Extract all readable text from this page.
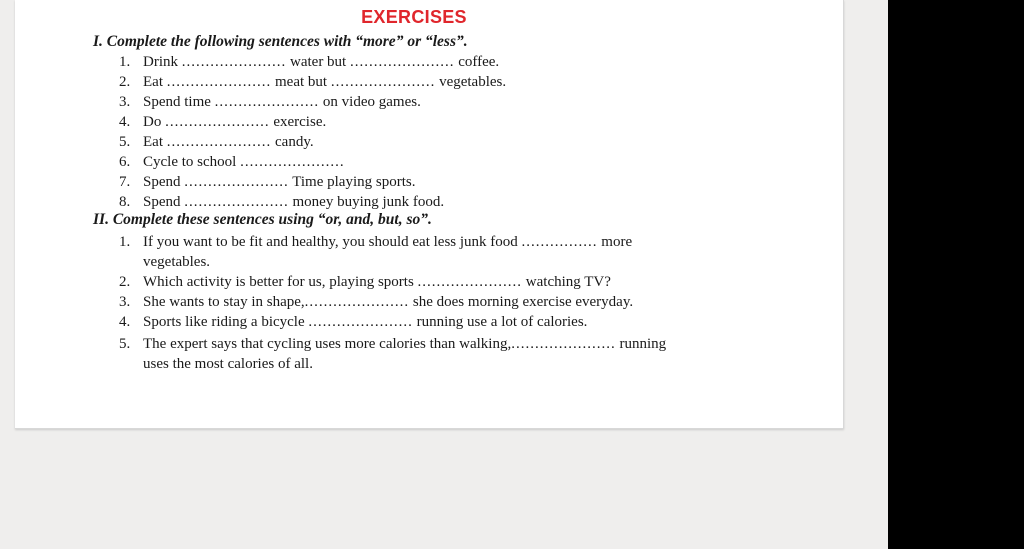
EXERCISES
I. Complete the following sentences with “more” or “less”.
1. Drink ...................... water but ...................... coffee.
2. Eat ...................... meat but ...................... vegetables.
3. Spend time ...................... on video games.
4. Do ...................... exercise.
5. Eat ...................... candy.
6. Cycle to school ......................
7. Spend ...................... Time playing sports.
8. Spend ...................... money buying junk food.
II. Complete these sentences using “or, and, but, so”.
1. If you want to be fit and healthy, you should eat less junk food ................ more
vegetables.
2. Which activity is better for us, playing sports ...................... watching TV?
3. She wants to stay in shape,...................... she does morning exercise everyday.
4. Sports like riding a bicycle ...................... running use a lot of calories.
5. The expert says that cycling uses more calories than walking,...................... running
uses the most calories of all.
